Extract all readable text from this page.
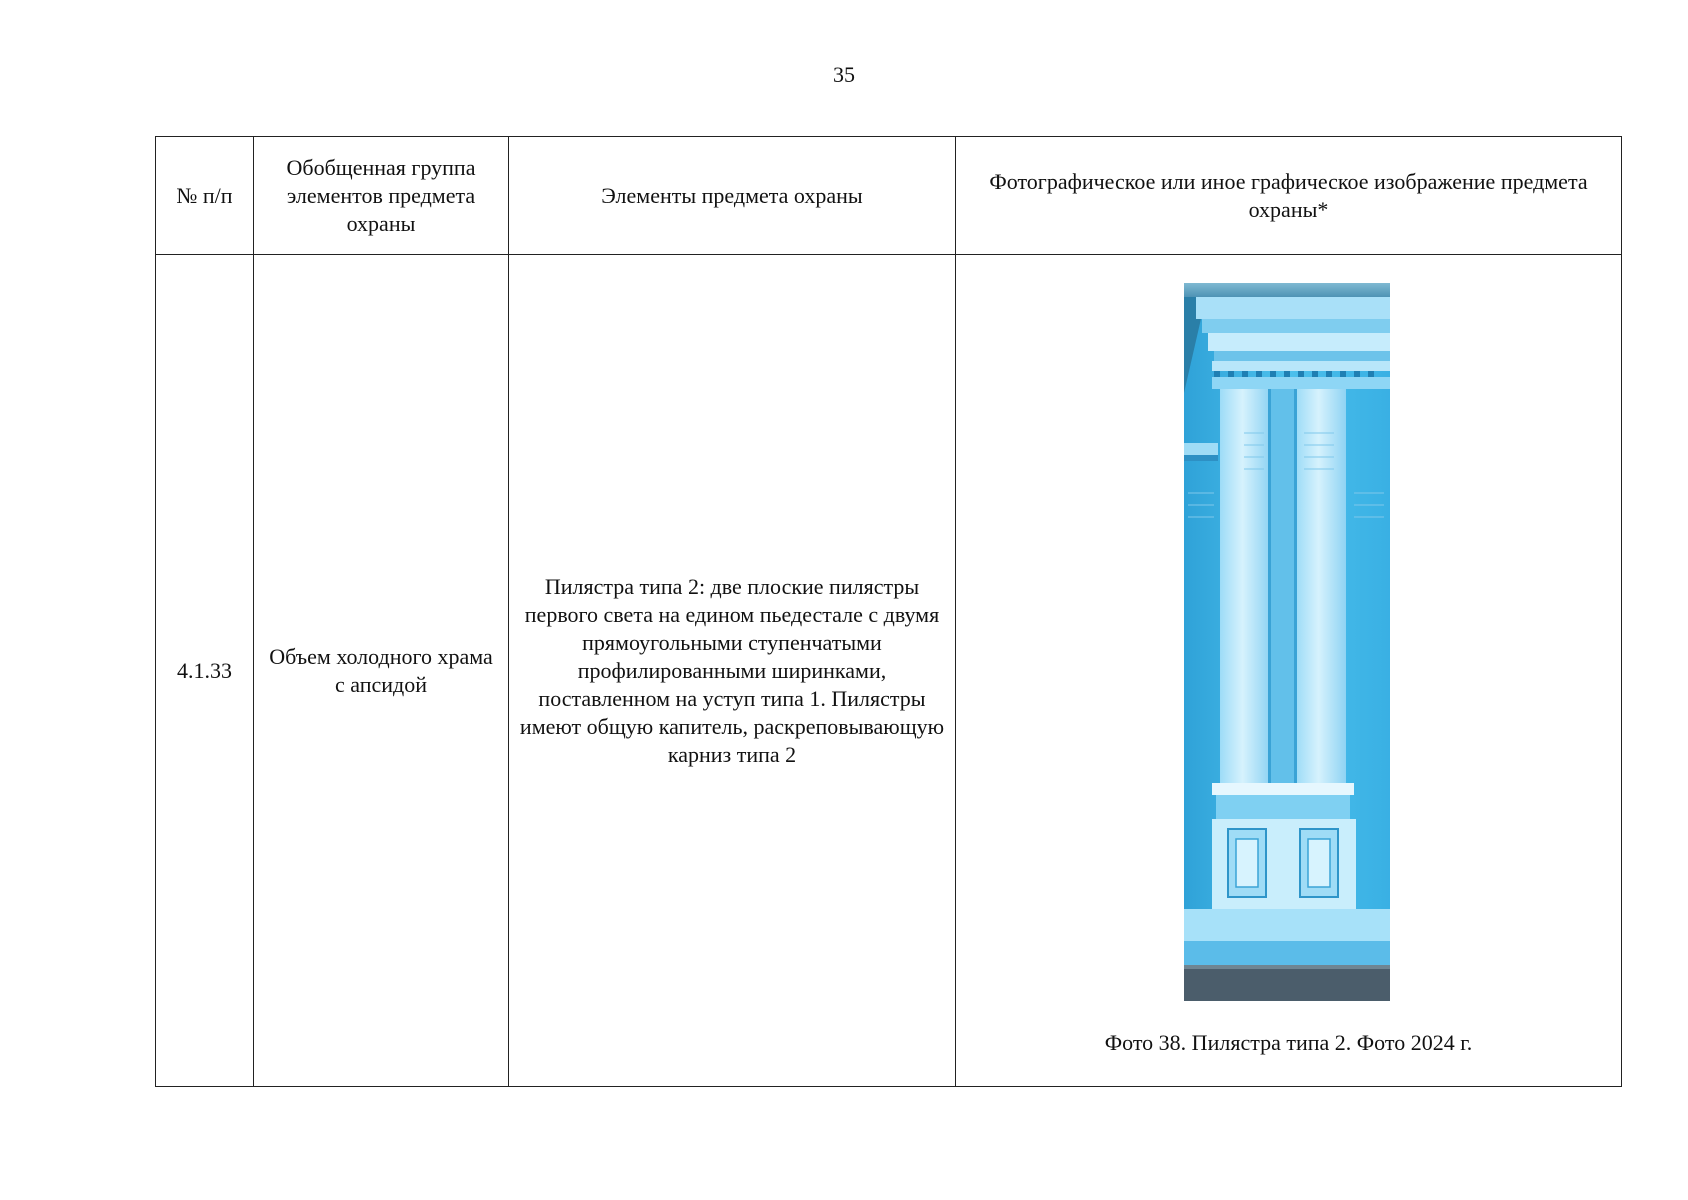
35
№ п/п	Обобщенная группа элементов предмета охраны	Элементы предмета охраны	Фотографическое или иное графическое изображение предмета охраны*
4.1.33	Объем холодного храма с апсидой	Пилястра типа 2: две плоские пилястры первого света на едином пьедестале с двумя прямоугольными ступенчатыми профилированными ширинками, поставленном на уступ типа 1. Пилястры имеют общую капитель, раскреповывающую карниз типа 2	Фото 38. Пилястра типа 2. Фото 2024 г.
